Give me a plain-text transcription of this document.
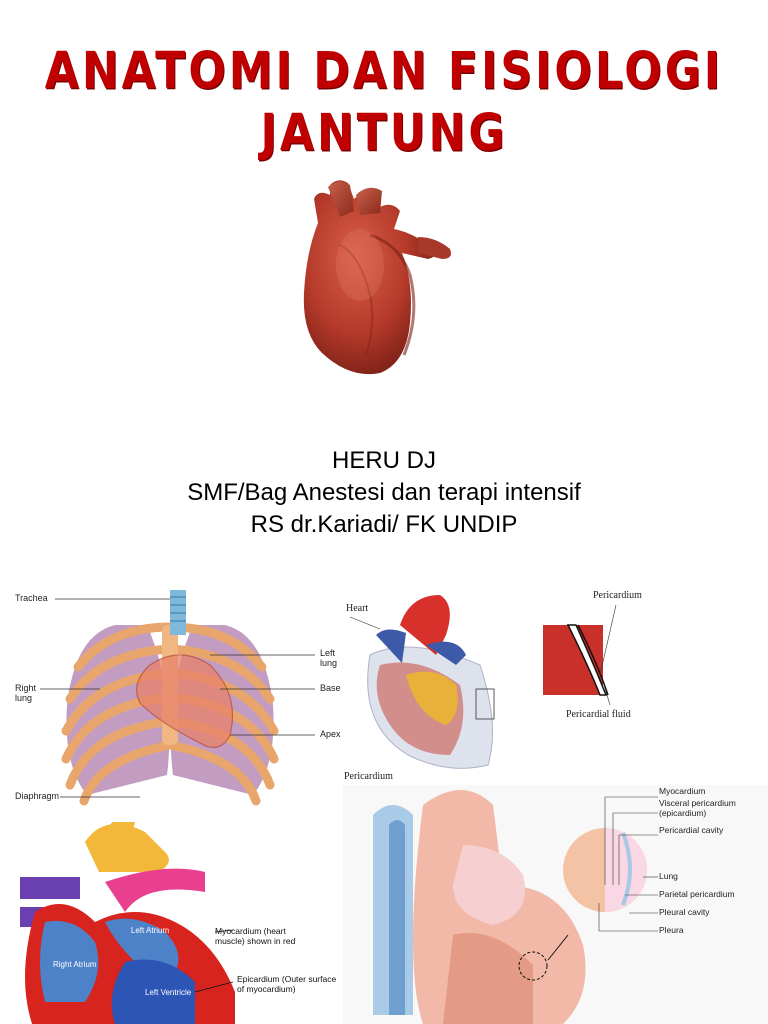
ANATOMI DAN FISIOLOGI
JANTUNG
HERU DJ
SMF/Bag Anestesi dan terapi intensif
RS dr.Kariadi/ FK UNDIP
Trachea
Left lung
Right lung
Base
Apex
Diaphragm
Heart
Pericardium
Pericardium
Pericardial fluid
Left Atrium
Right Atrium
Left Ventricle
Myocardium (heart muscle) shown in red
Epicardium (Outer surface of myocardium)
Myocardium
Visceral pericardium (epicardium)
Pericardial cavity
Lung
Parietal pericardium
Pleural cavity
Pleura
